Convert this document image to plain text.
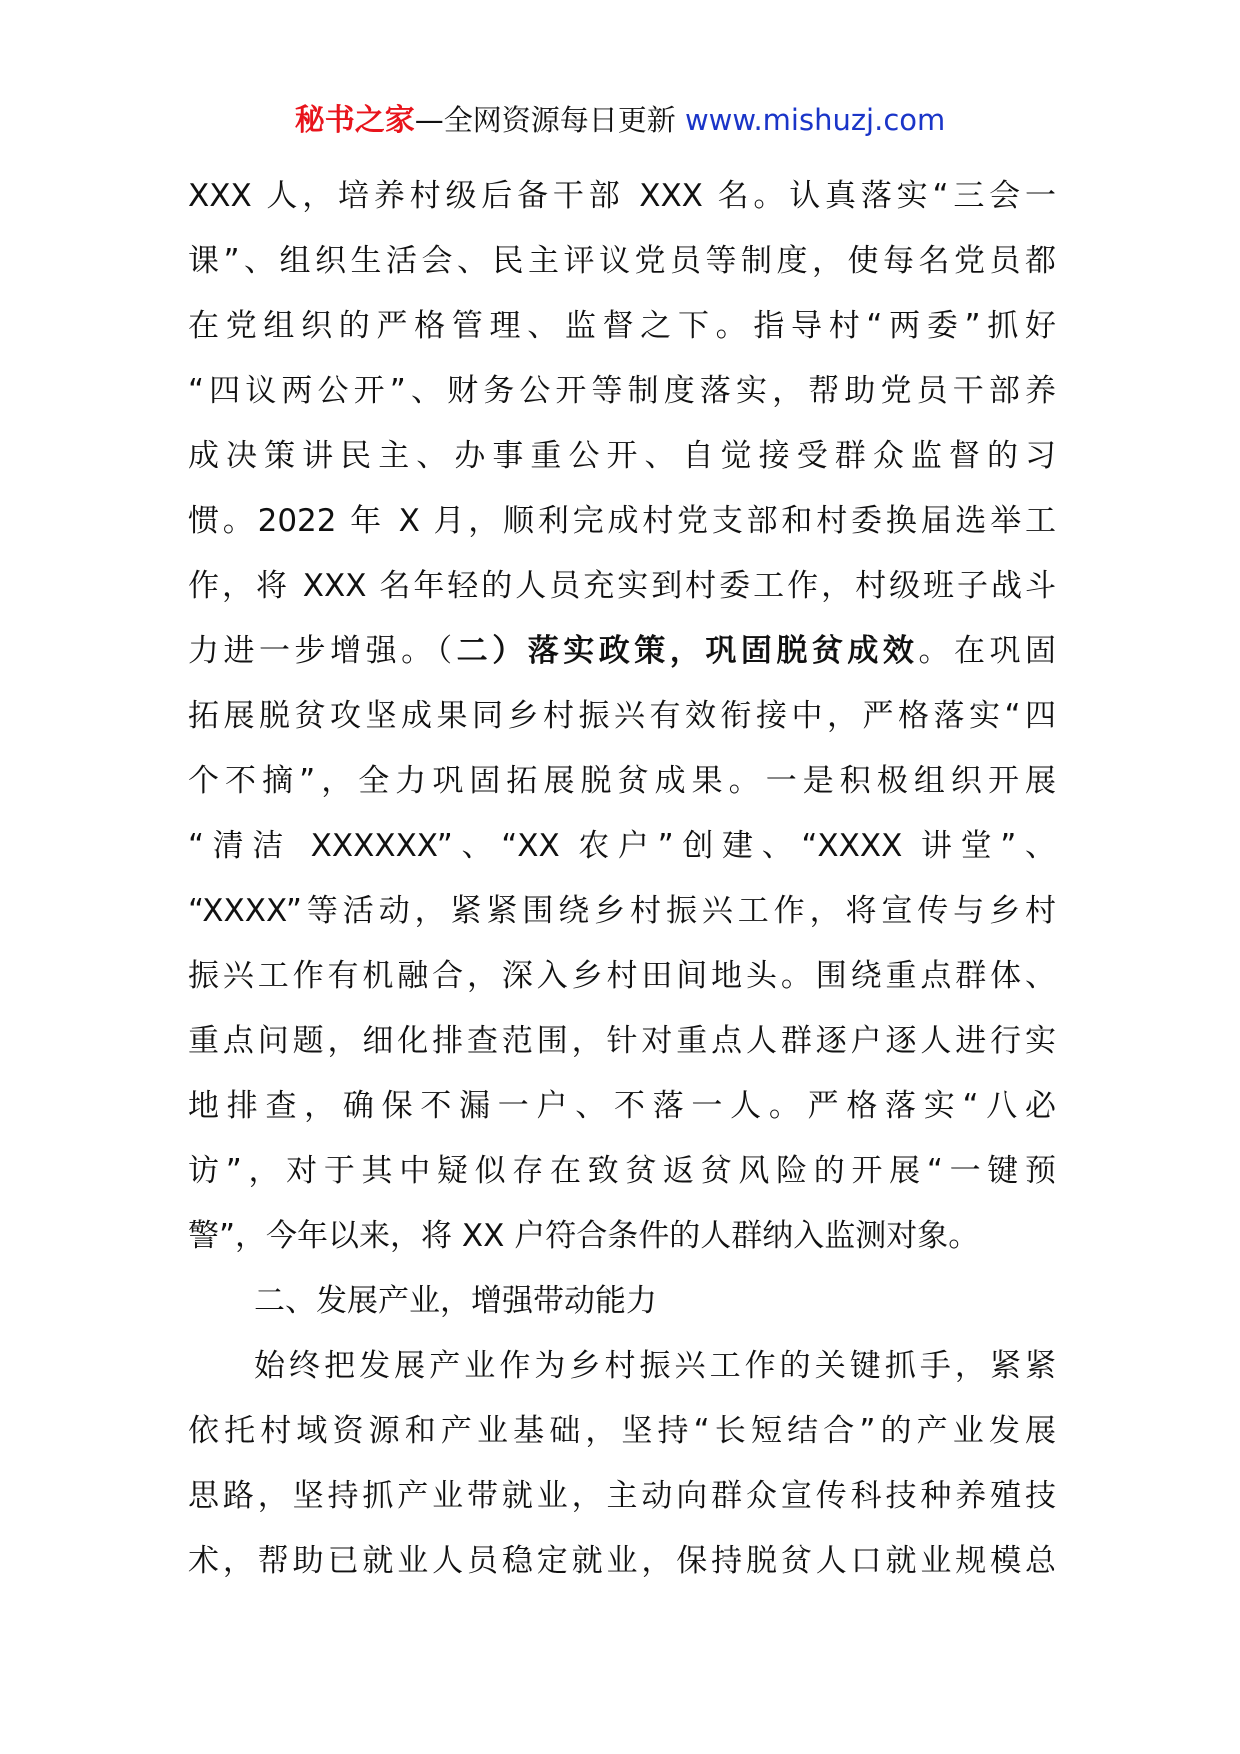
秘书之家—全网资源每日更新 www.mishuzj.com
XXX 人，培养村级后备干部 XXX 名。认真落实“三会一
课”、组织生活会、民主评议党员等制度，使每名党员都
在党组织的严格管理、监督之下。指导村“两委”抓好
“四议两公开”、财务公开等制度落实，帮助党员干部养
成决策讲民主、办事重公开、自觉接受群众监督的习
惯。2022 年 X 月，顺利完成村党支部和村委换届选举工
作，将 XXX 名年轻的人员充实到村委工作，村级班子战斗
力进一步增强。（二）落实政策，巩固脱贫成效。在巩固
拓展脱贫攻坚成果同乡村振兴有效衔接中，严格落实“四
个不摘”，全力巩固拓展脱贫成果。一是积极组织开展
“清洁 XXXXXX”、“XX 农户”创建、“XXXX 讲堂”、
“XXXX”等活动，紧紧围绕乡村振兴工作，将宣传与乡村
振兴工作有机融合，深入乡村田间地头。围绕重点群体、
重点问题，细化排查范围，针对重点人群逐户逐人进行实
地排查，确保不漏一户、不落一人。严格落实“八必
访”，对于其中疑似存在致贫返贫风险的开展“一键预
警”，今年以来，将 XX 户符合条件的人群纳入监测对象。
二、发展产业，增强带动能力
始终把发展产业作为乡村振兴工作的关键抓手，紧紧
依托村域资源和产业基础，坚持“长短结合”的产业发展
思路，坚持抓产业带就业，主动向群众宣传科技种养殖技
术，帮助已就业人员稳定就业，保持脱贫人口就业规模总
